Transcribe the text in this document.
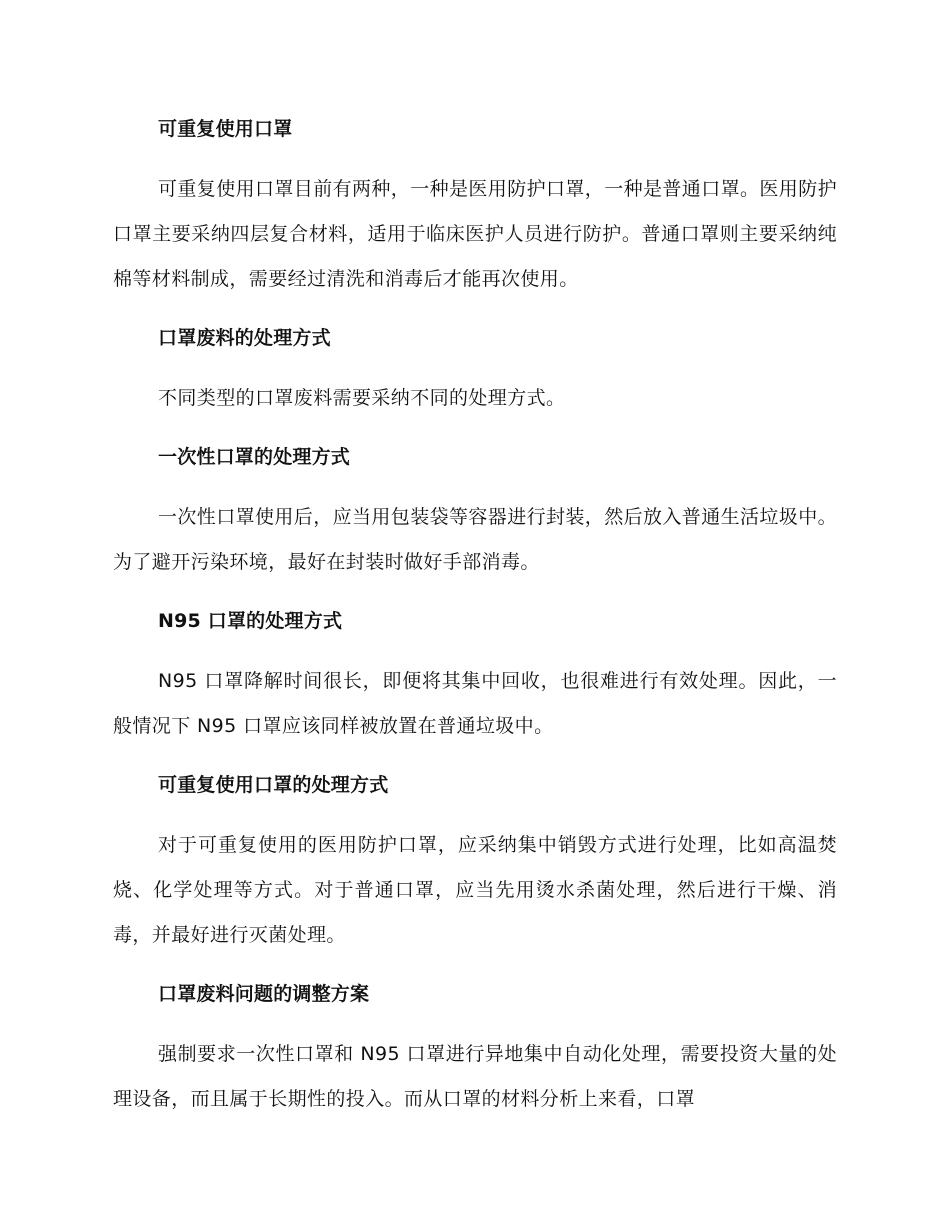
可重复使用口罩

可重复使用口罩目前有两种，一种是医用防护口罩，一种是普通口罩。医用防护口罩主要采纳四层复合材料，适用于临床医护人员进行防护。普通口罩则主要采纳纯棉等材料制成，需要经过清洗和消毒后才能再次使用。

口罩废料的处理方式

不同类型的口罩废料需要采纳不同的处理方式。

一次性口罩的处理方式

一次性口罩使用后，应当用包装袋等容器进行封装，然后放入普通生活垃圾中。为了避开污染环境，最好在封装时做好手部消毒。

N95 口罩的处理方式

N95 口罩降解时间很长，即便将其集中回收，也很难进行有效处理。因此，一般情况下 N95 口罩应该同样被放置在普通垃圾中。

可重复使用口罩的处理方式

对于可重复使用的医用防护口罩，应采纳集中销毁方式进行处理，比如高温焚烧、化学处理等方式。对于普通口罩，应当先用烫水杀菌处理，然后进行干燥、消毒，并最好进行灭菌处理。

口罩废料问题的调整方案

强制要求一次性口罩和 N95 口罩进行异地集中自动化处理，需要投资大量的处理设备，而且属于长期性的投入。而从口罩的材料分析上来看，口罩
